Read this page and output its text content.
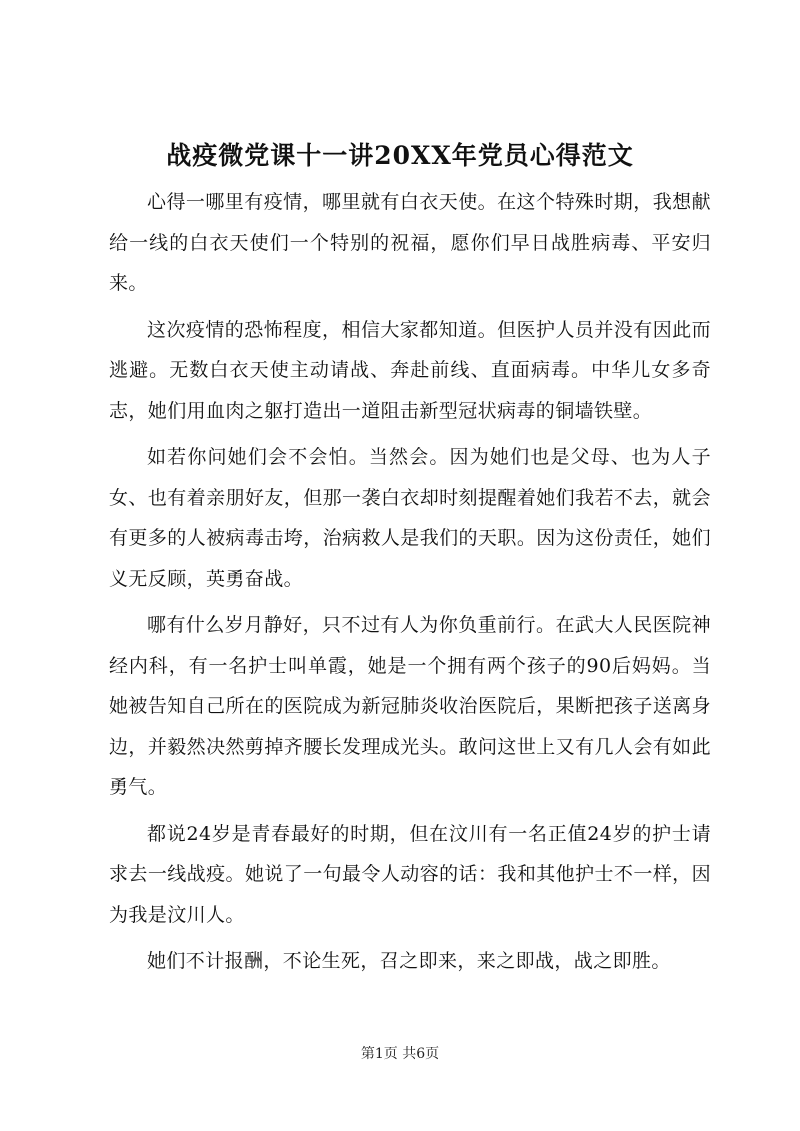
战疫微党课十一讲20XX年党员心得范文

心得一哪里有疫情，哪里就有白衣天使。在这个特殊时期，我想献给一线的白衣天使们一个特别的祝福，愿你们早日战胜病毒、平安归来。

这次疫情的恐怖程度，相信大家都知道。但医护人员并没有因此而逃避。无数白衣天使主动请战、奔赴前线、直面病毒。中华儿女多奇志，她们用血肉之躯打造出一道阻击新型冠状病毒的铜墙铁壁。

如若你问她们会不会怕。当然会。因为她们也是父母、也为人子女、也有着亲朋好友，但那一袭白衣却时刻提醒着她们我若不去，就会有更多的人被病毒击垮，治病救人是我们的天职。因为这份责任，她们义无反顾，英勇奋战。

哪有什么岁月静好，只不过有人为你负重前行。在武大人民医院神经内科，有一名护士叫单霞，她是一个拥有两个孩子的90后妈妈。当她被告知自己所在的医院成为新冠肺炎收治医院后，果断把孩子送离身边，并毅然决然剪掉齐腰长发理成光头。敢问这世上又有几人会有如此勇气。

都说24岁是青春最好的时期，但在汶川有一名正值24岁的护士请求去一线战疫。她说了一句最令人动容的话：我和其他护士不一样，因为我是汶川人。

她们不计报酬，不论生死，召之即来，来之即战，战之即胜。

第1页 共6页
